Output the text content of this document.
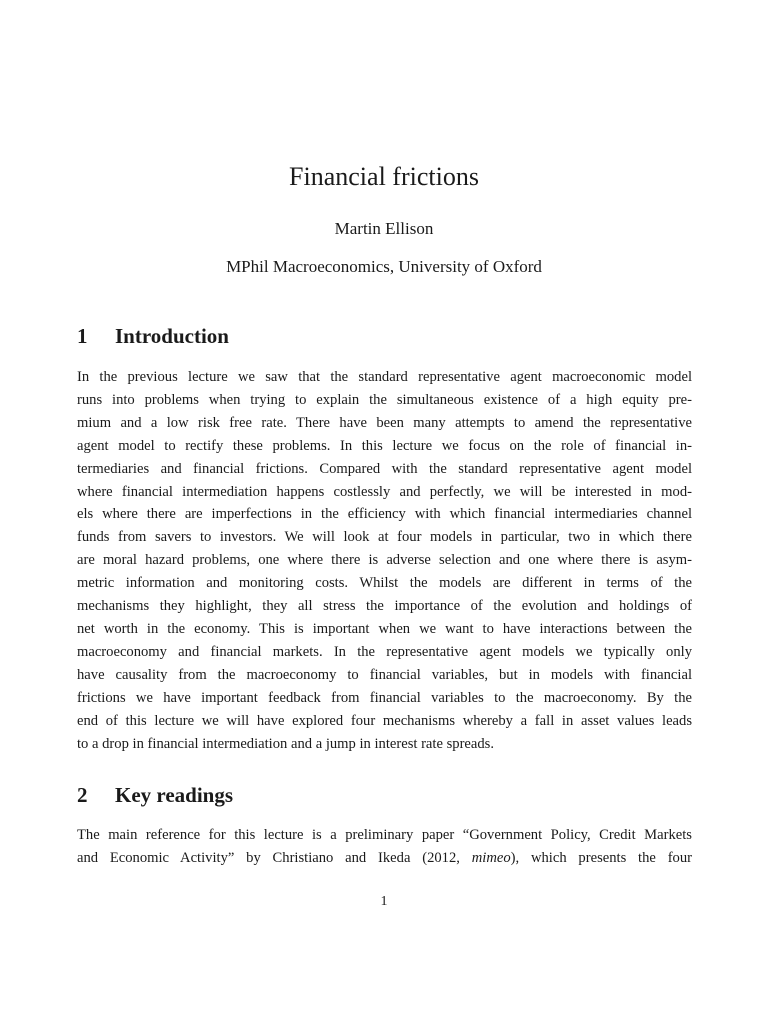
Financial frictions
Martin Ellison
MPhil Macroeconomics, University of Oxford
1 Introduction
In the previous lecture we saw that the standard representative agent macroeconomic model
runs into problems when trying to explain the simultaneous existence of a high equity pre-
mium and a low risk free rate. There have been many attempts to amend the representative
agent model to rectify these problems. In this lecture we focus on the role of financial in-
termediaries and financial frictions. Compared with the standard representative agent model
where financial intermediation happens costlessly and perfectly, we will be interested in mod-
els where there are imperfections in the efficiency with which financial intermediaries channel
funds from savers to investors. We will look at four models in particular, two in which there
are moral hazard problems, one where there is adverse selection and one where there is asym-
metric information and monitoring costs. Whilst the models are different in terms of the
mechanisms they highlight, they all stress the importance of the evolution and holdings of
net worth in the economy. This is important when we want to have interactions between the
macroeconomy and financial markets. In the representative agent models we typically only
have causality from the macroeconomy to financial variables, but in models with financial
frictions we have important feedback from financial variables to the macroeconomy. By the
end of this lecture we will have explored four mechanisms whereby a fall in asset values leads
to a drop in financial intermediation and a jump in interest rate spreads.
2 Key readings
The main reference for this lecture is a preliminary paper “Government Policy, Credit Markets
and Economic Activity” by Christiano and Ikeda (2012, mimeo), which presents the four
1
